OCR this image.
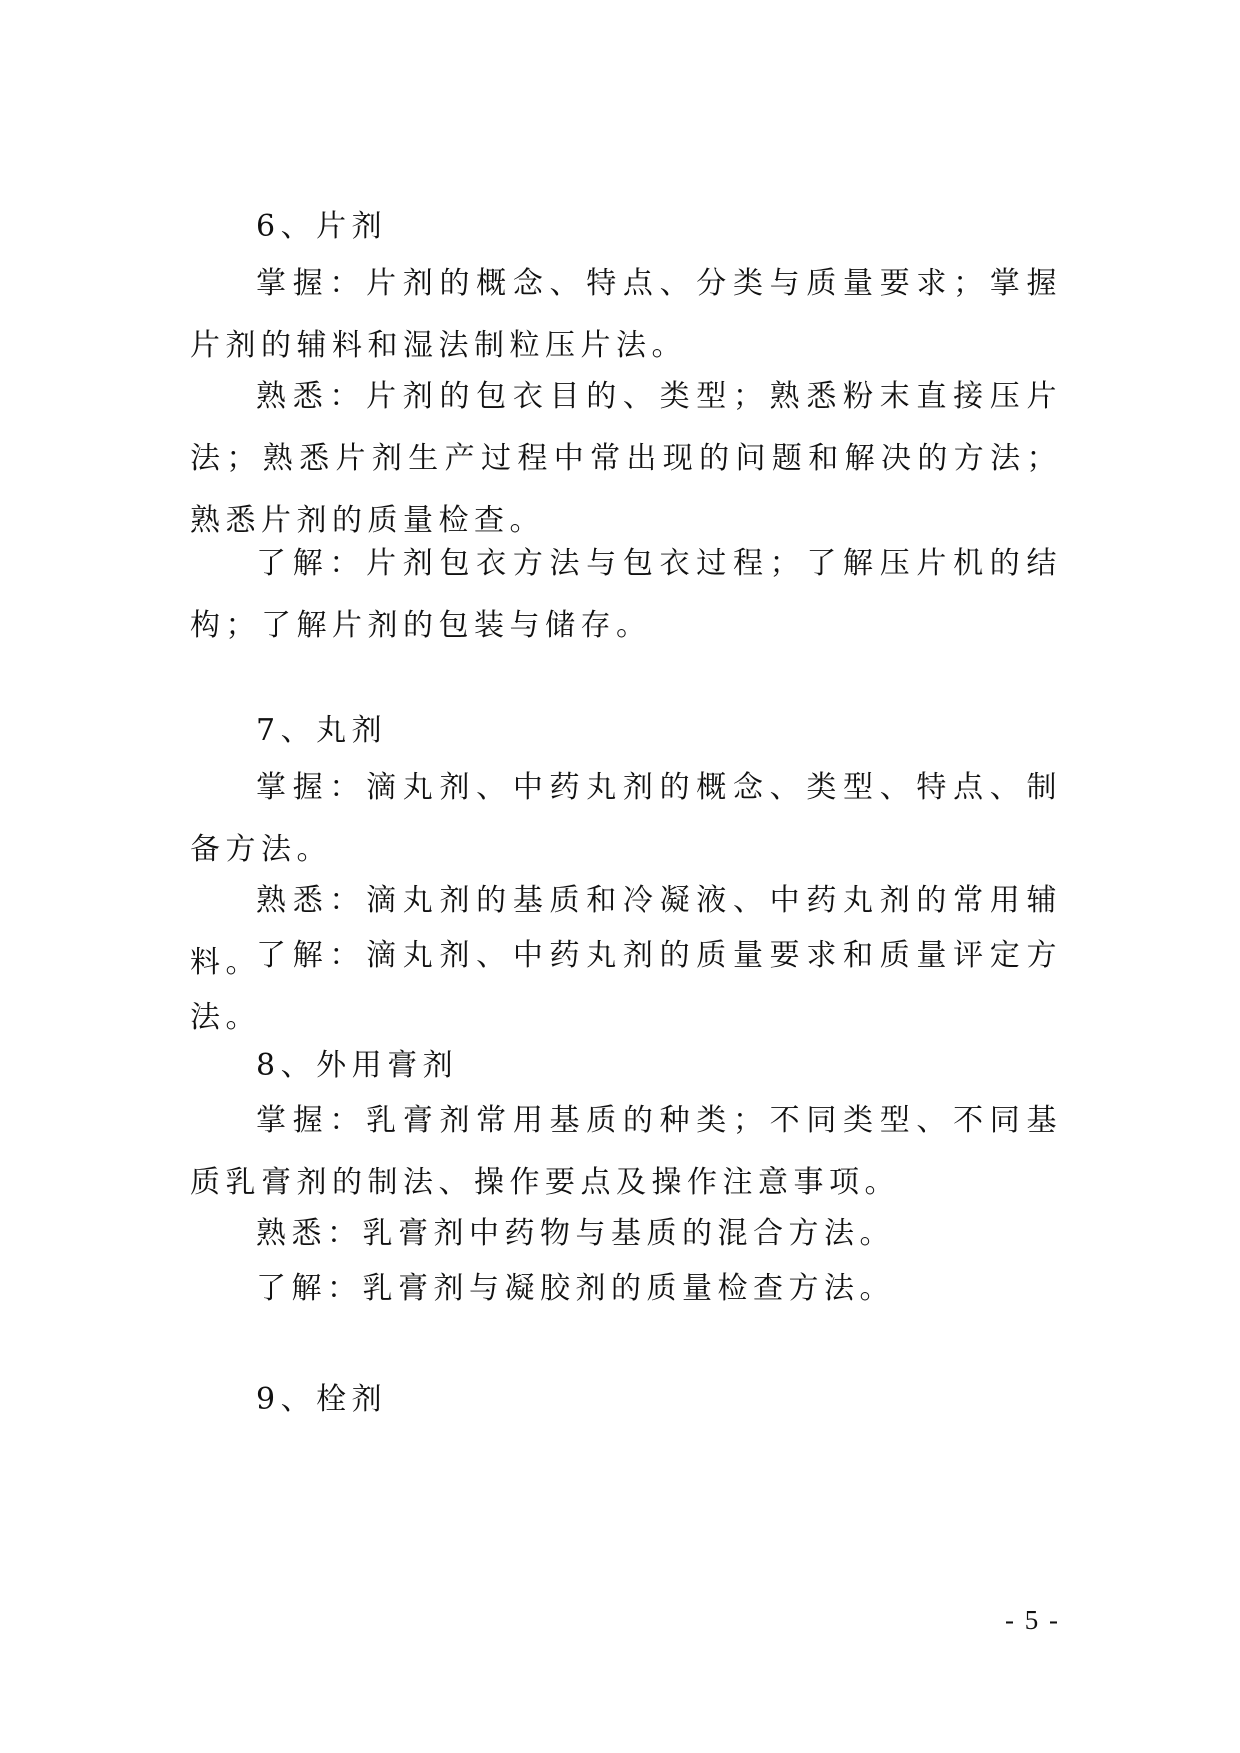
6、片剂

掌握：片剂的概念、特点、分类与质量要求；掌握片剂的辅料和湿法制粒压片法。

熟悉：片剂的包衣目的、类型；熟悉粉末直接压片法；熟悉片剂生产过程中常出现的问题和解决的方法；熟悉片剂的质量检查。

了解：片剂包衣方法与包衣过程；了解压片机的结构；了解片剂的包装与储存。

7、丸剂

掌握：滴丸剂、中药丸剂的概念、类型、特点、制备方法。

熟悉：滴丸剂的基质和冷凝液、中药丸剂的常用辅料。

了解：滴丸剂、中药丸剂的质量要求和质量评定方法。

8、外用膏剂

掌握：乳膏剂常用基质的种类；不同类型、不同基质乳膏剂的制法、操作要点及操作注意事项。

熟悉：乳膏剂中药物与基质的混合方法。

了解：乳膏剂与凝胶剂的质量检查方法。

9、栓剂

- 5 -
